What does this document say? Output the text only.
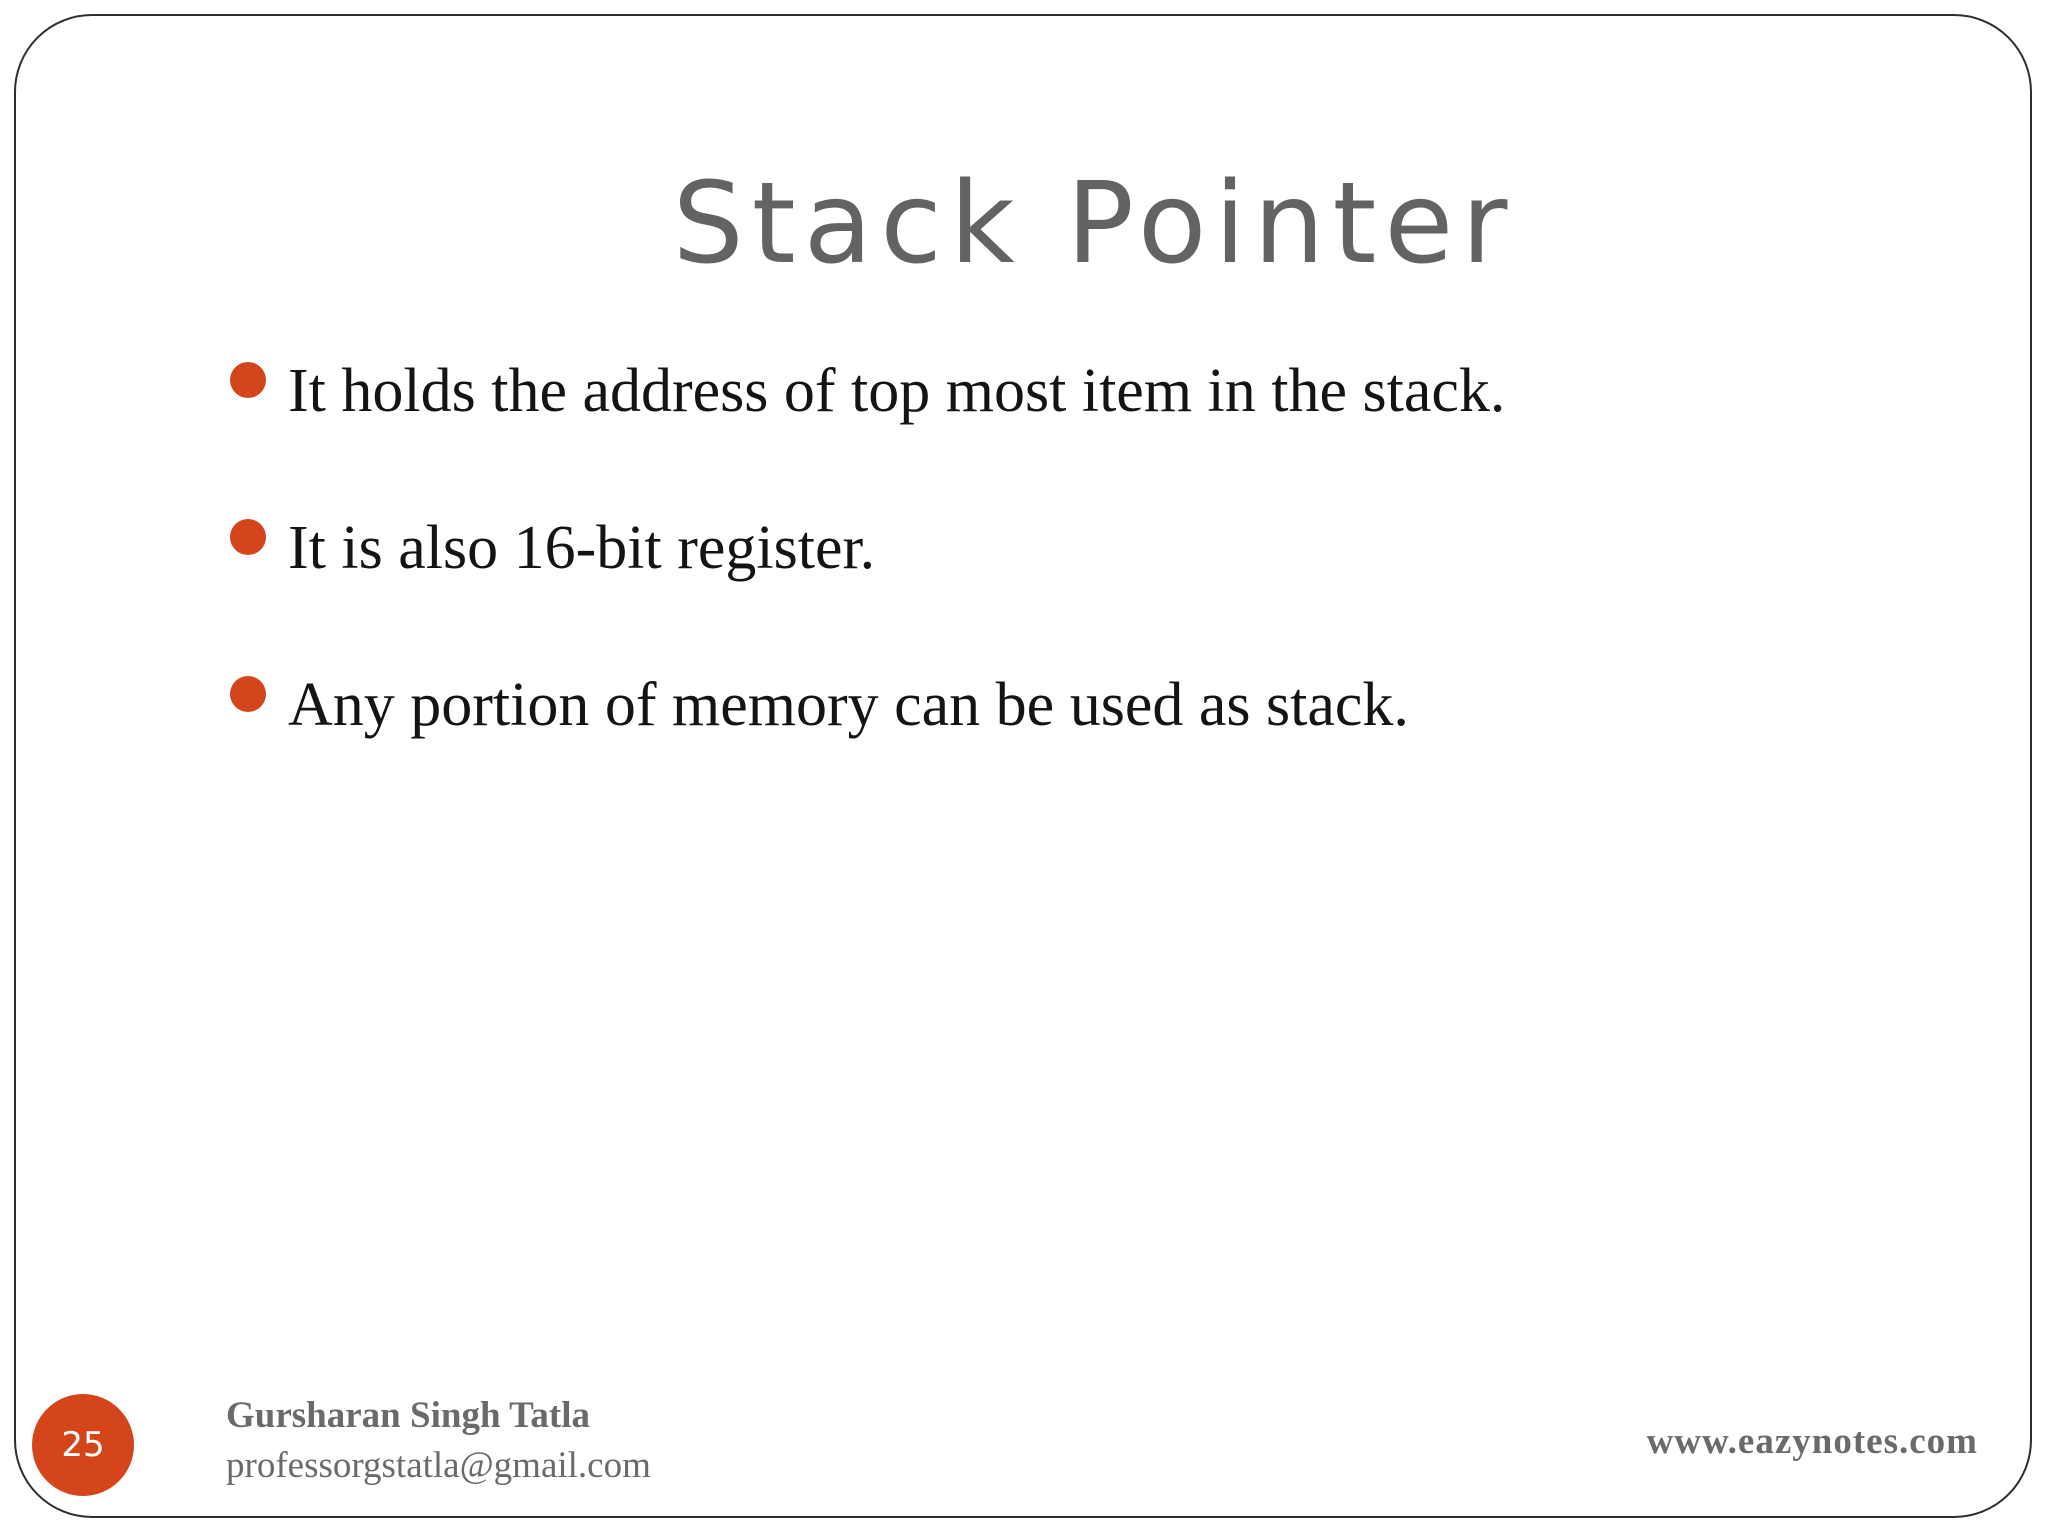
Stack Pointer
It holds the address of top most item in the stack.
It is also 16-bit register.
Any portion of memory can be used as stack.
25
Gursharan Singh Tatla
professorgstatla@gmail.com
www.eazynotes.com
